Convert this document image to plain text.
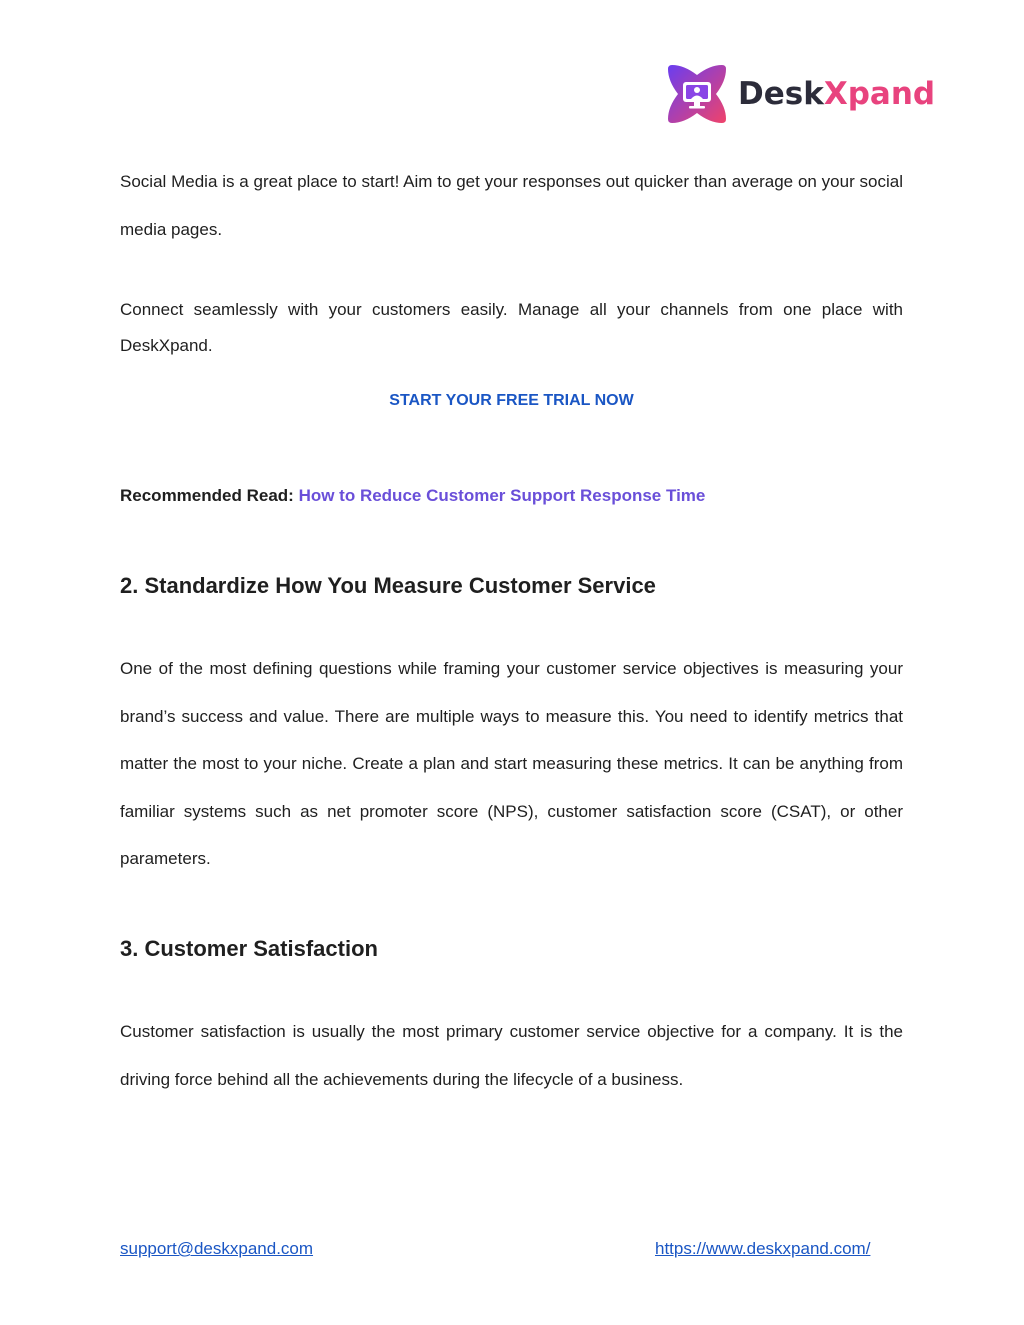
DeskXpand

Social Media is a great place to start! Aim to get your responses out quicker than average on your social media pages.

Connect seamlessly with your customers easily. Manage all your channels from one place with DeskXpand.

START YOUR FREE TRIAL NOW
Recommended Read: How to Reduce Customer Support Response Time
2. Standardize How You Measure Customer Service

One of the most defining questions while framing your customer service objectives is measuring your brand’s success and value. There are multiple ways to measure this. You need to identify metrics that matter the most to your niche. Create a plan and start measuring these metrics. It can be anything from familiar systems such as net promoter score (NPS), customer satisfaction score (CSAT), or other parameters.

3. Customer Satisfaction

Customer satisfaction is usually the most primary customer service objective for a company. It is the driving force behind all the achievements during the lifecycle of a business.

support@deskxpand.com	https://www.deskxpand.com/
